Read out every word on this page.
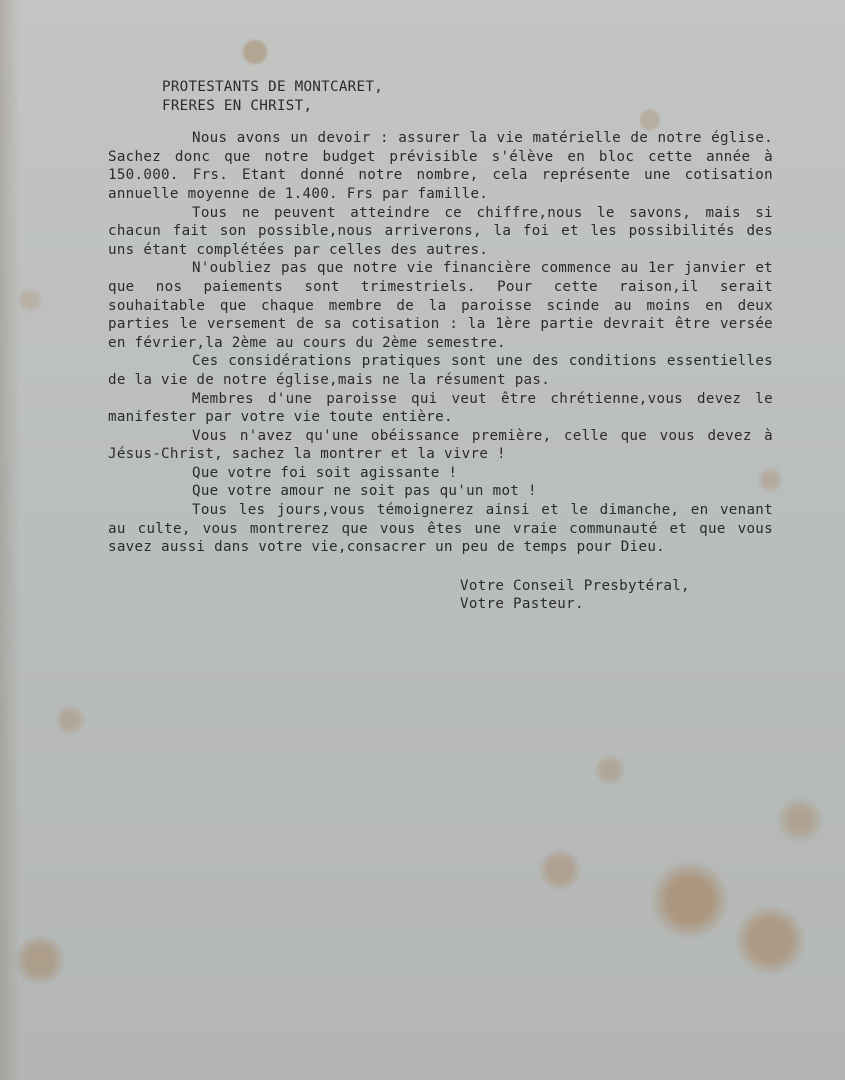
PROTESTANTS DE MONTCARET,
FRERES EN CHRIST,

Nous avons un devoir : assurer la vie matérielle de notre église. Sachez donc que notre budget prévisible s'élève en bloc cette année à 150.000. Frs. Etant donné notre nombre, cela représente une cotisation annuelle moyenne de 1.400. Frs par famille.

Tous ne peuvent atteindre ce chiffre,nous le savons, mais si chacun fait son possible,nous arriverons, la foi et les possibilités des uns étant complétées par celles des autres.

N'oubliez pas que notre vie financière commence au 1er janvier et que nos paiements sont trimestriels. Pour cette raison,il serait souhaitable que chaque membre de la paroisse scinde au moins en deux parties le versement de sa cotisation : la 1ère partie devrait être versée en février,la 2ème au cours du 2ème semestre.

Ces considérations pratiques sont une des conditions essentielles de la vie de notre église,mais ne la résument pas.

Membres d'une paroisse qui veut être chrétienne,vous devez le manifester par votre vie toute entière.

Vous n'avez qu'une obéissance première, celle que vous devez à Jésus-Christ, sachez la montrer et la vivre !

Que votre foi soit agissante !
Que votre amour ne soit pas qu'un mot !

Tous les jours,vous témoignerez ainsi et le dimanche, en venant au culte, vous montrerez que vous êtes une vraie communauté et que vous savez aussi dans votre vie,consacrer un peu de temps pour Dieu.

Votre Conseil Presbytéral,
Votre Pasteur.
